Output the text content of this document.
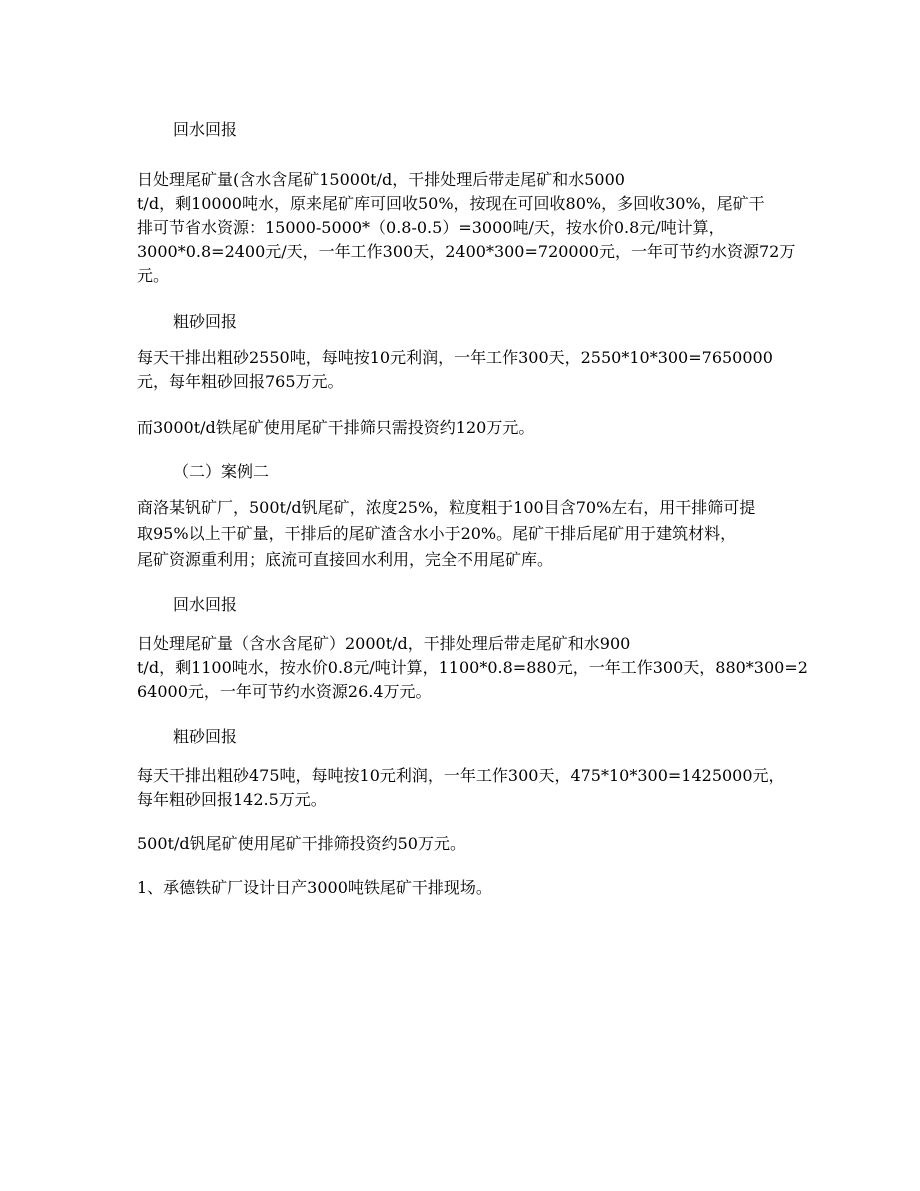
回水回报
日处理尾矿量(含水含尾矿15000t/d，干排处理后带走尾矿和水5000
t/d，剩10000吨水，原来尾矿库可回收50%，按现在可回收80%，多回收30%，尾矿干
排可节省水资源：15000-5000*（0.8-0.5）=3000吨/天，按水价0.8元/吨计算，
3000*0.8=2400元/天，一年工作300天，2400*300=720000元，一年可节约水资源72万
元。
粗砂回报
每天干排出粗砂2550吨，每吨按10元利润，一年工作300天，2550*10*300=7650000
元，每年粗砂回报765万元。
而3000t/d铁尾矿使用尾矿干排筛只需投资约120万元。
（二）案例二
商洛某钒矿厂，500t/d钒尾矿，浓度25%，粒度粗于100目含70%左右，用干排筛可提
取95%以上干矿量，干排后的尾矿渣含水小于20%。尾矿干排后尾矿用于建筑材料，
尾矿资源重利用；底流可直接回水利用，完全不用尾矿库。
回水回报
日处理尾矿量（含水含尾矿）2000t/d，干排处理后带走尾矿和水900
t/d，剩1100吨水，按水价0.8元/吨计算，1100*0.8=880元，一年工作300天，880*300=2
64000元，一年可节约水资源26.4万元。
粗砂回报
每天干排出粗砂475吨，每吨按10元利润，一年工作300天，475*10*300=1425000元，
每年粗砂回报142.5万元。
500t/d钒尾矿使用尾矿干排筛投资约50万元。
1、承德铁矿厂设计日产3000吨铁尾矿干排现场。
